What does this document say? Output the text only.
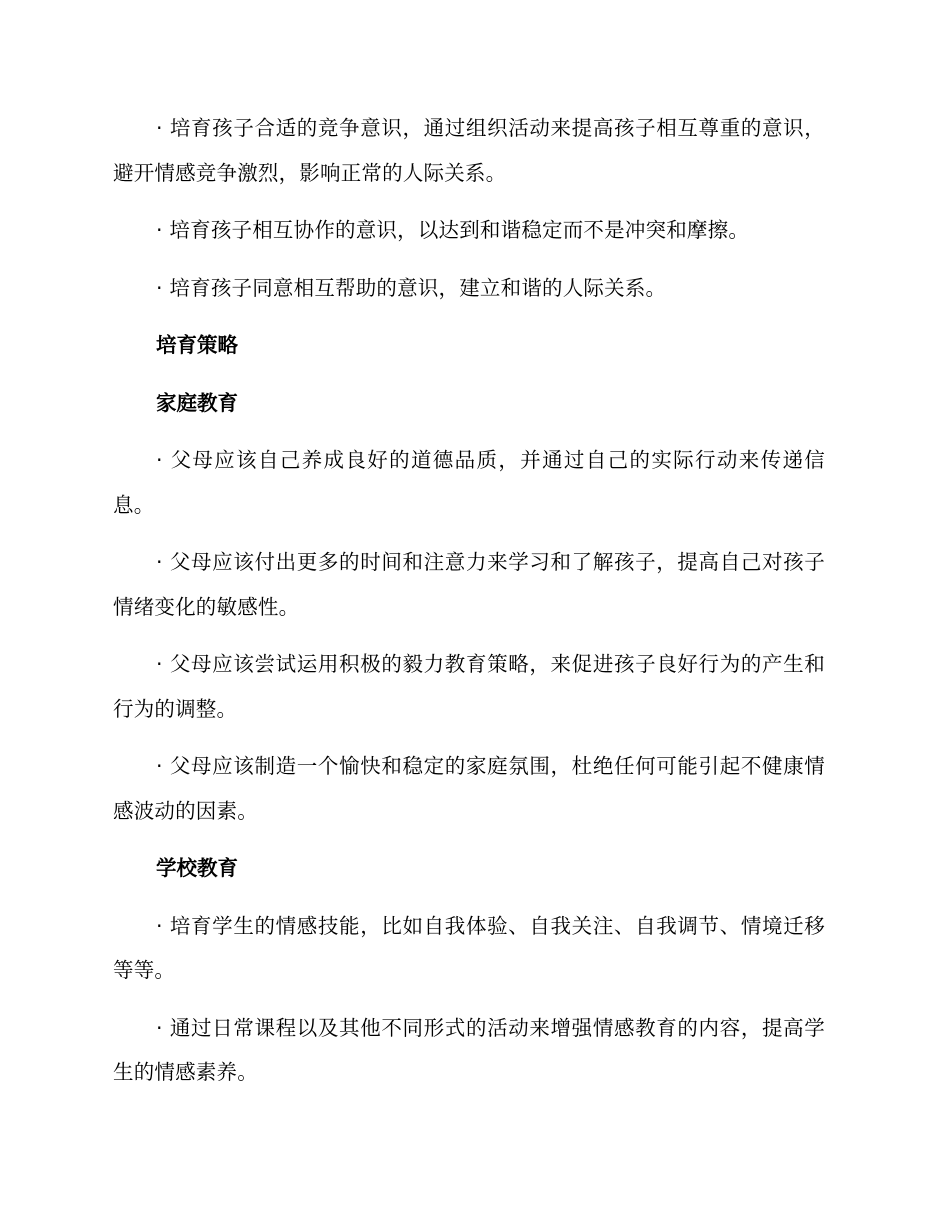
· 培育孩子合适的竞争意识，通过组织活动来提高孩子相互尊重的意识，避开情感竞争激烈，影响正常的人际关系。

· 培育孩子相互协作的意识，以达到和谐稳定而不是冲突和摩擦。

· 培育孩子同意相互帮助的意识，建立和谐的人际关系。

培育策略
家庭教育

· 父母应该自己养成良好的道德品质，并通过自己的实际行动来传递信息。

· 父母应该付出更多的时间和注意力来学习和了解孩子，提高自己对孩子情绪变化的敏感性。

· 父母应该尝试运用积极的毅力教育策略，来促进孩子良好行为的产生和行为的调整。

· 父母应该制造一个愉快和稳定的家庭氛围，杜绝任何可能引起不健康情感波动的因素。

学校教育

· 培育学生的情感技能，比如自我体验、自我关注、自我调节、情境迁移等等。

· 通过日常课程以及其他不同形式的活动来增强情感教育的内容，提高学生的情感素养。
